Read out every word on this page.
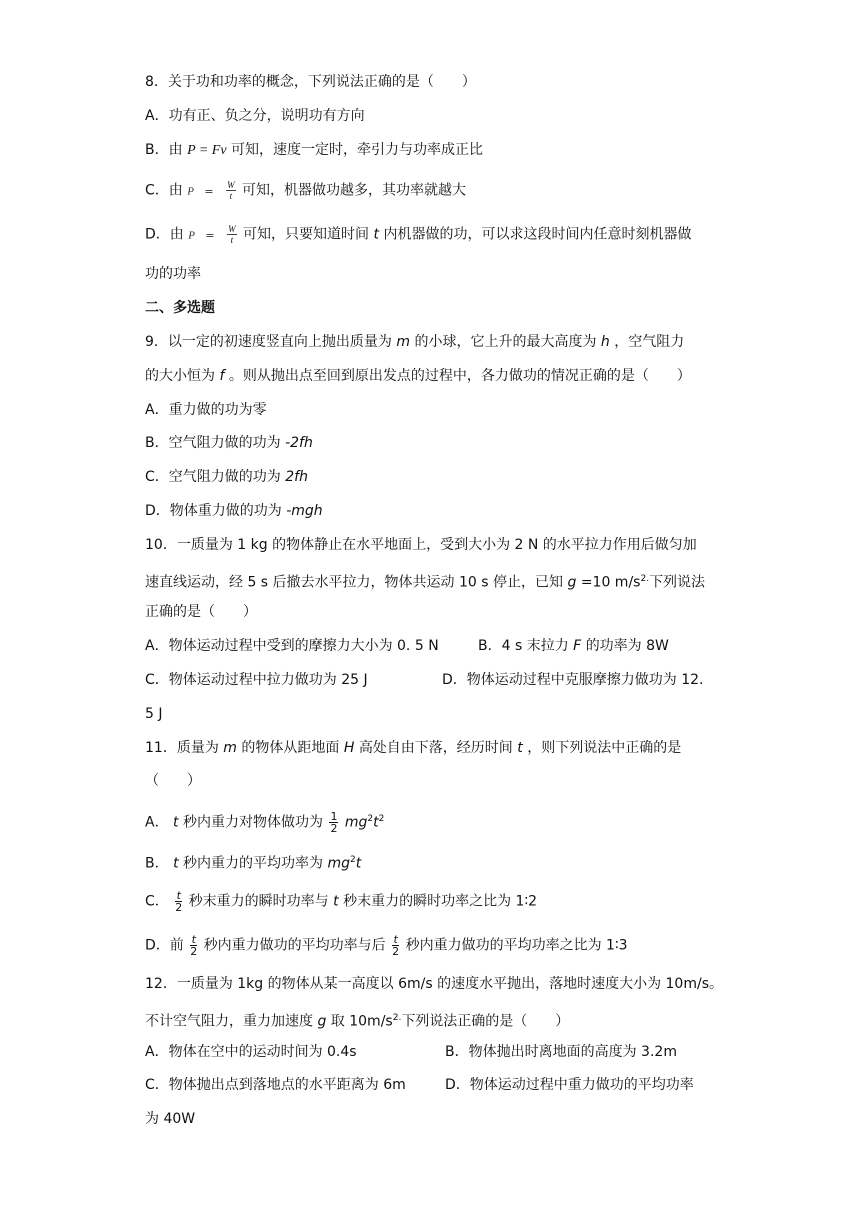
8．关于功和功率的概念，下列说法正确的是（　　）
A．功有正、负之分，说明功有方向
B．由 P = Fv 可知，速度一定时，牵引力与功率成正比
C．由 $P = \frac{W}{t}$ 可知，机器做功越多，其功率就越大
D．由 $P = \frac{W}{t}$ 可知，只要知道时间 t 内机器做的功，可以求这段时间内任意时刻机器做
功的功率
二、多选题
9．以一定的初速度竖直向上抛出质量为 m 的小球，它上升的最大高度为 h ，空气阻力
的大小恒为 f 。则从抛出点至回到原出发点的过程中，各力做功的情况正确的是（　　）
A．重力做的功为零
B．空气阻力做的功为 -2fh
C．空气阻力做的功为 2fh
D．物体重力做的功为 -mgh
10．一质量为 1 kg 的物体静止在水平地面上，受到大小为 2 N 的水平拉力作用后做匀加
速直线运动，经 5 s 后撤去水平拉力，物体共运动 10 s 停止，已知 g =10 $m/s^{2.}$下列说法
正确的是（　　）
A．物体运动过程中受到的摩擦力大小为 0. 5 N	B．4 s 末拉力 F 的功率为 8W
C．物体运动过程中拉力做功为 25 J	D．物体运动过程中克服摩擦力做功为 12.
5 J
11．质量为 m 的物体从距地面 H 高处自由下落，经历时间 t ，则下列说法中正确的是
（　　）
A． t 秒内重力对物体做功为 $\frac{1}{2} mg^2t^2$
B． t 秒内重力的平均功率为 $mg^2t$
C． $\frac{t}{2}$ 秒末重力的瞬时功率与 t 秒末重力的瞬时功率之比为 1∶2
D．前 $\frac{t}{2}$ 秒内重力做功的平均功率与后 $\frac{t}{2}$ 秒内重力做功的平均功率之比为 1∶3
12．一质量为 1kg 的物体从某一高度以 6m/s 的速度水平抛出，落地时速度大小为 10m/s。
不计空气阻力，重力加速度 g 取 $10m/s^{2.}$下列说法正确的是（　　）
A．物体在空中的运动时间为 0.4s	B．物体抛出时离地面的高度为 3.2m
C．物体抛出点到落地点的水平距离为 6m	D．物体运动过程中重力做功的平均功率
为 40W
